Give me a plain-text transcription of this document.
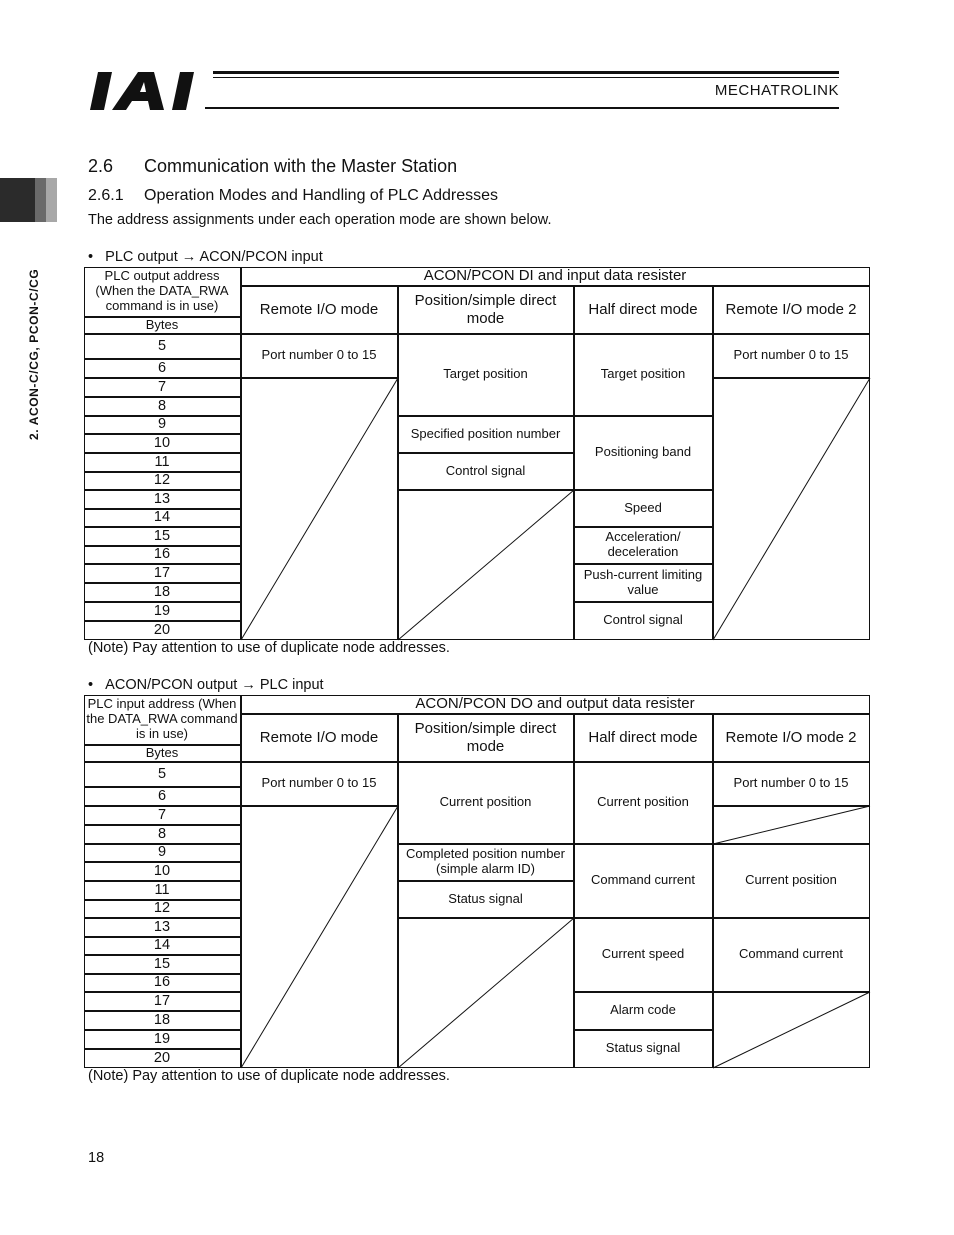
MECHATROLINK
2. ACON-C/CG, PCON-C/CG
2.6 Communication with the Master Station
2.6.1 Operation Modes and Handling of PLC Addresses
The address assignments under each operation mode are shown below.
• PLC output → ACON/PCON input
PLC output address (When the DATA_RWA command is in use)
Bytes
ACON/PCON DI and input data resister
Remote I/O mode
Position/simple direct mode
Half direct mode	Remote I/O mode 2
5
6
7
8
9
10
11
12
13
14
15
16
17
18
19
20
Port number 0 to 15
Target position
Specified position number
Control signal
Target position
Positioning band
Speed
Acceleration/ deceleration
Push-current limiting value
Control signal
Port number 0 to 15
(Note) Pay attention to use of duplicate node addresses.
• ACON/PCON output → PLC input
PLC input address (When the DATA_RWA command is in use)
Bytes
ACON/PCON DO and output data resister
Remote I/O mode
Position/simple direct mode
Half direct mode	Remote I/O mode 2
5
6
7
8
9
10
11
12
13
14
15
16
17
18
19
20
Port number 0 to 15
Current position
Completed position number (simple alarm ID)
Status signal
Current position
Command current
Current speed
Alarm code
Status signal
Port number 0 to 15
Current position
Command current
(Note) Pay attention to use of duplicate node addresses.
18
